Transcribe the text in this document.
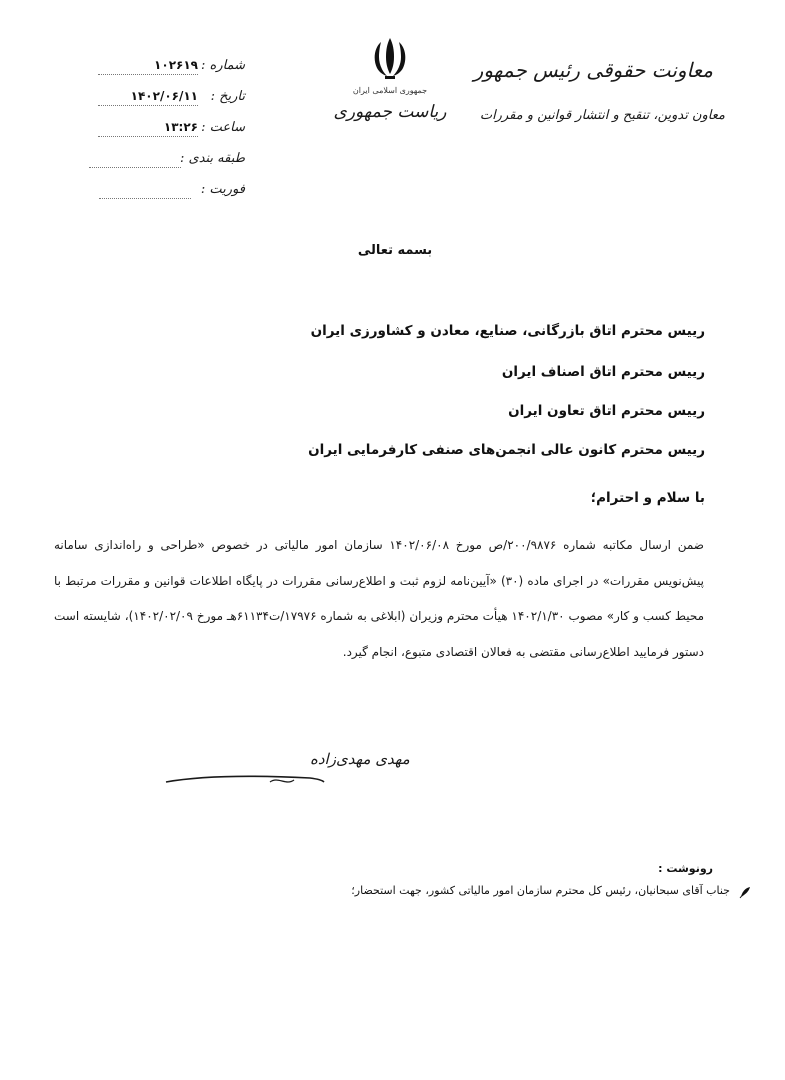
معاونت حقوقی رئیس جمهور
معاون تدوین، تنقیح و انتشار قوانین و مقررات
جمهوری اسلامی ایران
ریاست جمهوری
شماره :
۱۰۲۶۱۹
تاریخ :
۱۴۰۲/۰۶/۱۱
ساعت :
۱۳:۲۶
طبقه بندی :
فوریت :
بسمه تعالی
رییس محترم اتاق بازرگانی، صنایع، معادن و کشاورزی ایران
رییس محترم اتاق اصناف ایران
رییس محترم اتاق تعاون ایران
رییس محترم کانون عالی انجمن‌های صنفی کارفرمایی ایران
با سلام و احترام؛
ضمن ارسال مکاتبه شماره ۲۰۰/۹۸۷۶/ص مورخ ۱۴۰۲/۰۶/۰۸ سازمان امور مالیاتی در خصوص «طراحی و راه‌اندازی سامانه پیش‌نویس مقررات» در اجرای ماده (۳۰) «آیین‌نامه لزوم ثبت و اطلاع‌رسانی مقررات در پایگاه اطلاعات قوانین و مقررات مرتبط با محیط کسب و کار» مصوب ۱۴۰۲/۱/۳۰ هیأت محترم وزیران (ابلاغی به شماره ۱۷۹۷۶/ت۶۱۱۳۴هـ مورخ ۱۴۰۲/۰۲/۰۹)، شایسته است دستور فرمایید اطلاع‌رسانی مقتضی به فعالان اقتصادی متبوع، انجام گیرد.
مهدی مهدی‌زاده
رونوشت :
جناب آقای سبحانیان، رئیس کل محترم سازمان امور مالیاتی کشور، جهت استحضار؛
